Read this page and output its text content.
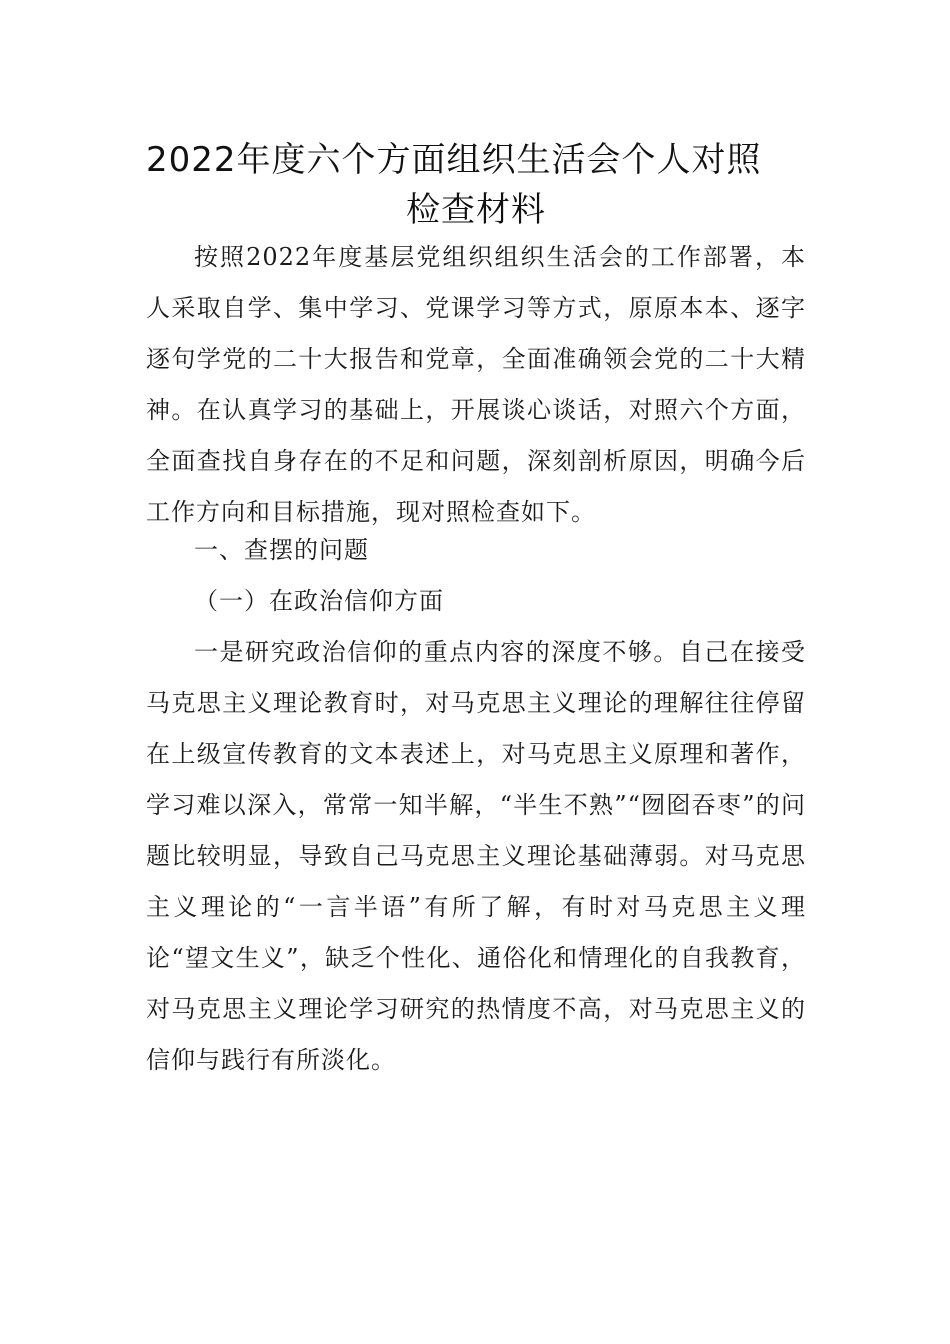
2022年度六个方面组织生活会个人对照
检查材料

按照2022年度基层党组织组织生活会的工作部署，本人采取自学、集中学习、党课学习等方式，原原本本、逐字逐句学党的二十大报告和党章，全面准确领会党的二十大精神。在认真学习的基础上，开展谈心谈话，对照六个方面，全面查找自身存在的不足和问题，深刻剖析原因，明确今后工作方向和目标措施，现对照检查如下。

一、查摆的问题
（一）在政治信仰方面

一是研究政治信仰的重点内容的深度不够。自己在接受马克思主义理论教育时，对马克思主义理论的理解往往停留在上级宣传教育的文本表述上，对马克思主义原理和著作，学习难以深入，常常一知半解，“半生不熟”“囫囵吞枣”的问题比较明显，导致自己马克思主义理论基础薄弱。对马克思主义理论的“一言半语”有所了解，有时对马克思主义理论“望文生义”，缺乏个性化、通俗化和情理化的自我教育，对马克思主义理论学习研究的热情度不高，对马克思主义的信仰与践行有所淡化。
